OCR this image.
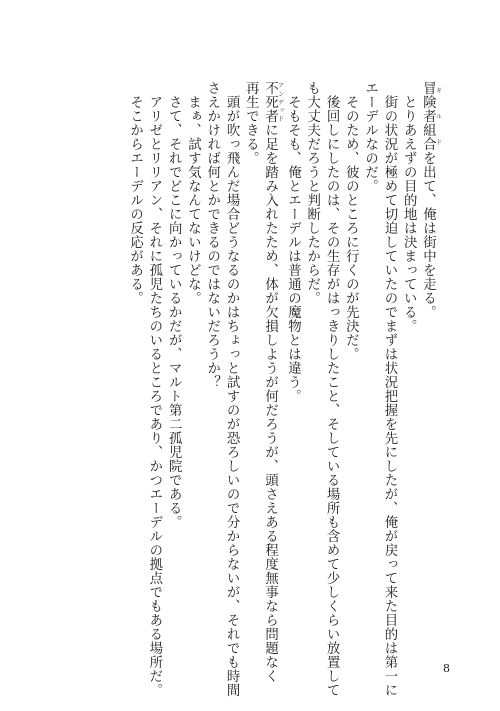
冒険者組合 ギルドを出て、俺は街中を走る。

　とりあえずの目的地は決まっている。

　街の状況が極めて切迫していたのでまずは状況把握を先にしたが、俺が戻って来た目的は第一に

エーデルなのだ。

　そのため、彼のところに行くのが先決だ。

　後回しにしたのは、その生存がはっきりしたこと、そしている場所も含めて少しくらい放置して

も大丈夫だろうと判断したからだ。

　そもそも、俺とエーデルは普通の魔物とは違う。

不死者 アンデッドに足を踏み入れたため、体が欠損しようが何だろうが、頭さえある程度無事なら問題なく

再生できる。

　頭が吹っ飛んだ場合どうなるのかはちょっと試すのが恐ろしいので分からないが、それでも時間

さえかければ何とかできるのではないだろうか？

　まぁ、試す気なんてないけどな。

　さて、それでどこに向かっているかだが、マルト第二孤児院である。

　アリゼとリリアン、それに孤児たちのいるところであり、かつエーデルの拠点でもある場所だ。

　そこからエーデルの反応がある。

8
